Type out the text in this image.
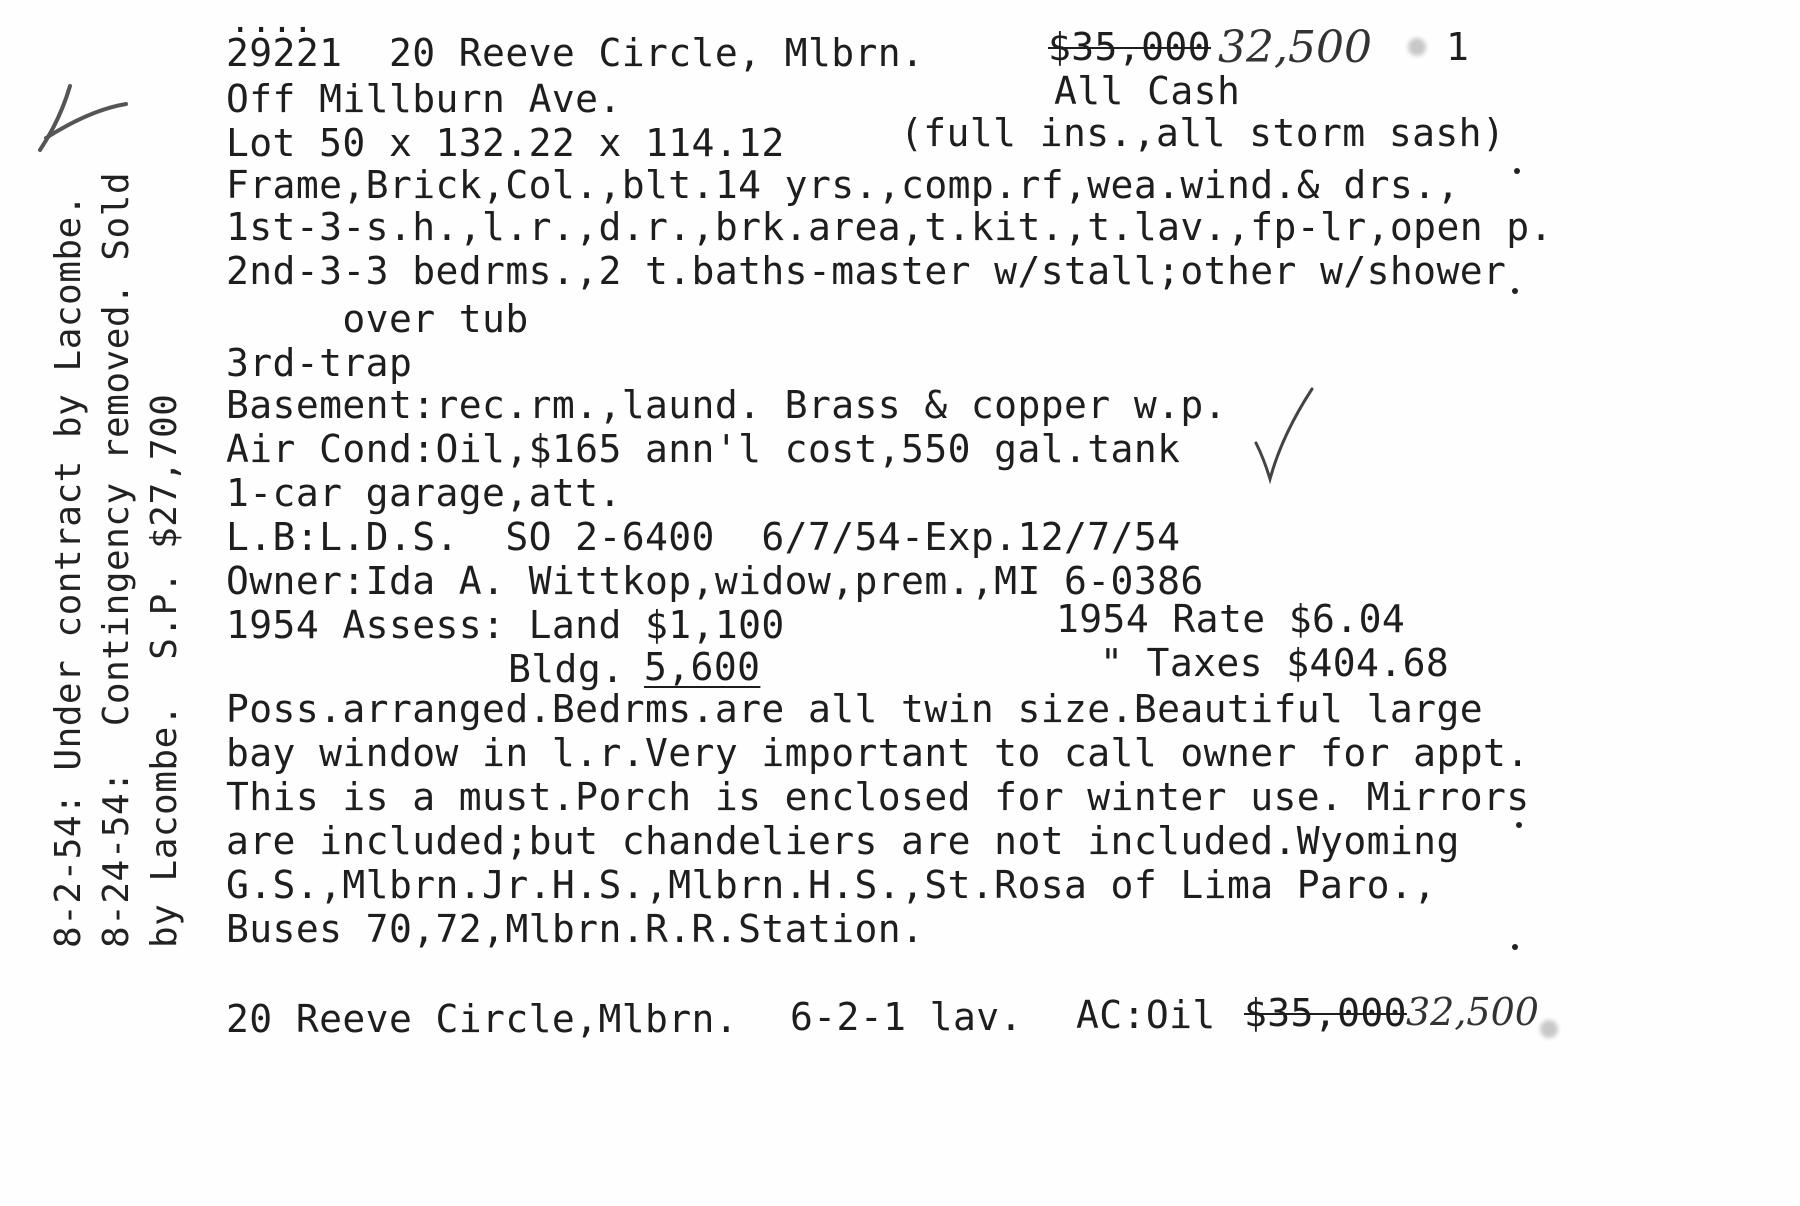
....
29221  20 Reeve Circle, Mlbrn.	$35,000 32,500 1
Off Millburn Ave.	All Cash
Lot 50 x 132.22 x 114.12	(full ins.,all storm sash)
Frame,Brick,Col.,blt.14 yrs.,comp.rf,wea.wind.& drs.,
1st-3-s.h.,l.r.,d.r.,brk.area,t.kit.,t.lav.,fp-lr,open p.
2nd-3-3 bedrms.,2 t.baths-master w/stall;other w/shower
over tub
3rd-trap
Basement:rec.rm.,laund. Brass & copper w.p.
Air Cond:Oil,$165 ann'l cost,550 gal.tank
1-car garage,att.
L.B:L.D.S.  SO 2-6400  6/7/54-Exp.12/7/54
Owner:Ida A. Wittkop,widow,prem.,MI 6-0386
1954 Assess: Land $1,100	1954 Rate $6.04
Bldg.
5,600	" Taxes $404.68
Poss.arranged.Bedrms.are all twin size.Beautiful large
bay window in l.r.Very important to call owner for appt.
This is a must.Porch is enclosed for winter use. Mirrors
are included;but chandeliers are not included.Wyoming
G.S.,Mlbrn.Jr.H.S.,Mlbrn.H.S.,St.Rosa of Lima Paro.,
Buses 70,72,Mlbrn.R.R.Station.
20 Reeve Circle,Mlbrn. 6-2-1 lav. AC:Oil $35,000 32,500
8-2-54: Under contract by Lacombe. 8-24-54:  Contingency removed. Sold by Lacombe.  S.P. $27,700
